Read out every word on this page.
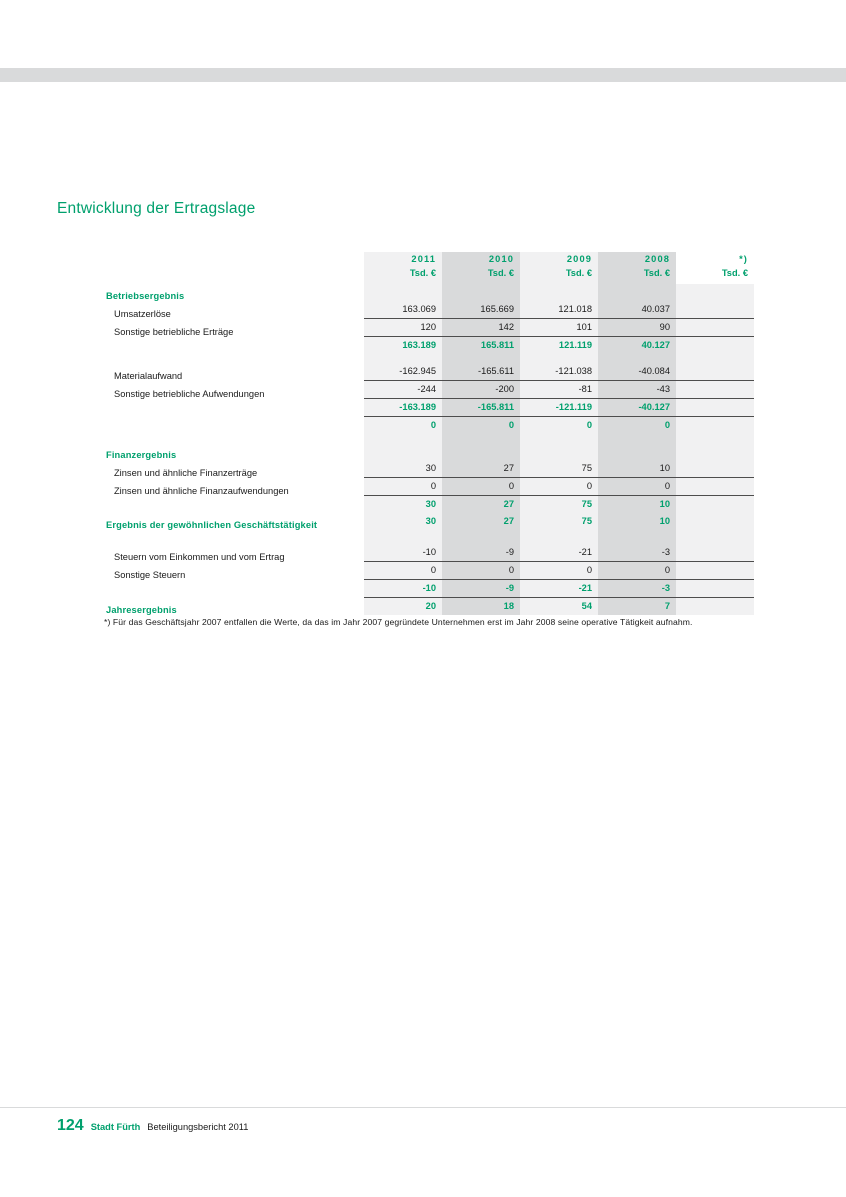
Entwicklung der Ertragslage
	2011	2010	2009	2008	*)
	Tsd. €	Tsd. €	Tsd. €	Tsd. €	Tsd. €
Betriebsergebnis					
Umsatzerlöse	163.069	165.669	121.018	40.037	
Sonstige betriebliche Erträge	120	142	101	90	
	163.189	165.811	121.119	40.127	

Materialaufwand	-162.945	-165.611	-121.038	-40.084	
Sonstige betriebliche Aufwendungen	-244	-200	-81	-43	
	-163.189	-165.811	-121.119	-40.127	
	0	0	0	0	

Finanzergebnis					
Zinsen und ähnliche Finanzerträge	30	27	75	10	
Zinsen und ähnliche Finanzaufwendungen	0	0	0	0	
	30	27	75	10	
Ergebnis der gewöhnlichen Geschäftstätigkeit	30	27	75	10	

Steuern vom Einkommen und vom Ertrag	-10	-9	-21	-3	
Sonstige Steuern	0	0	0	0	
	-10	-9	-21	-3	
Jahresergebnis	20	18	54	7	
*) Für das Geschäftsjahr 2007 entfallen die Werte, da das im Jahr 2007 gegründete Unternehmen erst im Jahr 2008 seine operative Tätigkeit aufnahm.
124 Stadt Fürth Beteiligungsbericht 2011
